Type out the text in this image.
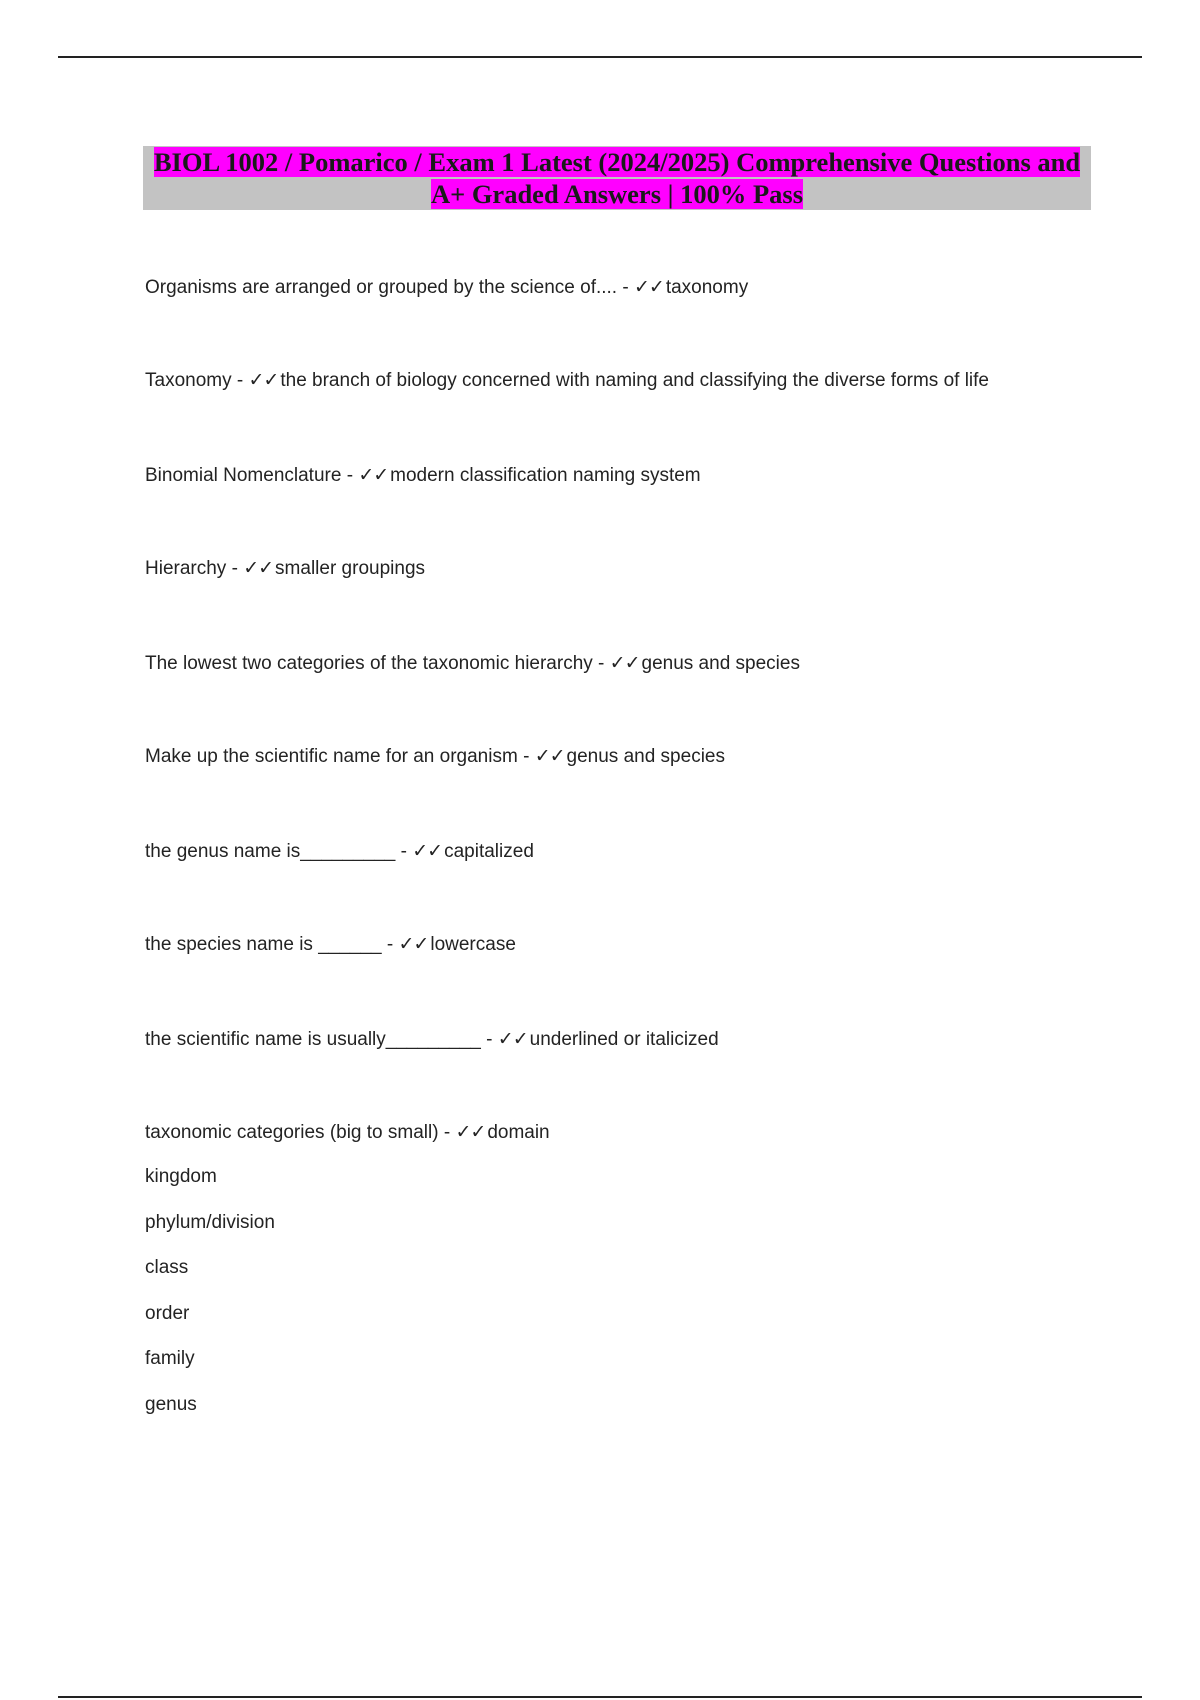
BIOL 1002 / Pomarico / Exam 1 Latest (2024/2025) Comprehensive Questions and A+ Graded Answers | 100% Pass

Organisms are arranged or grouped by the science of.... - ✓✓ taxonomy

Taxonomy - ✓✓ the branch of biology concerned with naming and classifying the diverse forms of life

Binomial Nomenclature - ✓✓ modern classification naming system

Hierarchy - ✓✓ smaller groupings

The lowest two categories of the taxonomic hierarchy - ✓✓ genus and species

Make up the scientific name for an organism - ✓✓ genus and species

the genus name is_________ - ✓✓ capitalized

the species name is ______ - ✓✓ lowercase

the scientific name is usually_________ - ✓✓ underlined or italicized

taxonomic categories (big to small) - ✓✓ domain

kingdom
phylum/division
class
order
family
genus
